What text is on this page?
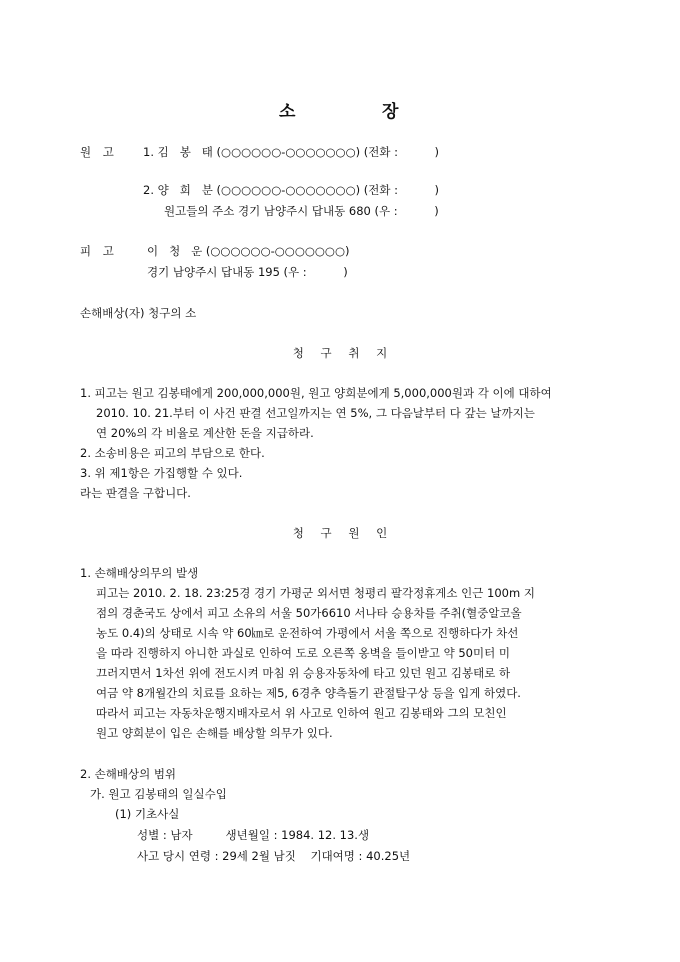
소	장
원 고	1. 김   봉   태 (○○○○○○-○○○○○○○) (전화 :          )
2. 양   희   분 (○○○○○○-○○○○○○○) (전화 :          )
원고들의 주소 경기 남양주시 답내동 680 (우 :          )
피 고	이   청   운 (○○○○○○-○○○○○○○)
경기 남양주시 답내동 195 (우 :          )
손해배상(자) 청구의 소
청 구 취 지
1. 피고는 원고 김봉태에게 200,000,000원, 원고 양희분에게 5,000,000원과 각 이에 대하여
2010. 10. 21.부터 이 사건 판결 선고일까지는 연 5%, 그 다음날부터 다 갚는 날까지는
연 20%의 각 비율로 계산한 돈을 지급하라.
2. 소송비용은 피고의 부담으로 한다.
3. 위 제1항은 가집행할 수 있다.
라는 판결을 구합니다.
청 구 원 인
1. 손해배상의무의 발생
피고는 2010. 2. 18. 23:25경 경기 가평군 외서면 청평리 팔각정휴게소 인근 100m 지
점의 경춘국도 상에서 피고 소유의 서울 50가6610 서나타 승용차를 주취(혈중알코올
농도 0.4)의 상태로 시속 약 60㎞로 운전하여 가평에서 서울 쪽으로 진행하다가 차선
을 따라 진행하지 아니한 과실로 인하여 도로 오른쪽 옹벽을 들이받고 약 50미터 미
끄러지면서 1차선 위에 전도시켜 마침 위 승용자동차에 타고 있던 원고 김봉태로 하
여금 약 8개월간의 치료를 요하는 제5, 6경추 양측돌기 관절탈구상 등을 입게 하였다.
따라서 피고는 자동차운행지배자로서 위 사고로 인하여 원고 김봉태와 그의 모친인
원고 양희분이 입은 손해를 배상할 의무가 있다.
2. 손해배상의 범위
가. 원고 김봉태의 일실수입
(1) 기초사실
성별 : 남자         생년월일 : 1984. 12. 13.생
사고 당시 연령 : 29세 2월 남짓    기대여명 : 40.25년
